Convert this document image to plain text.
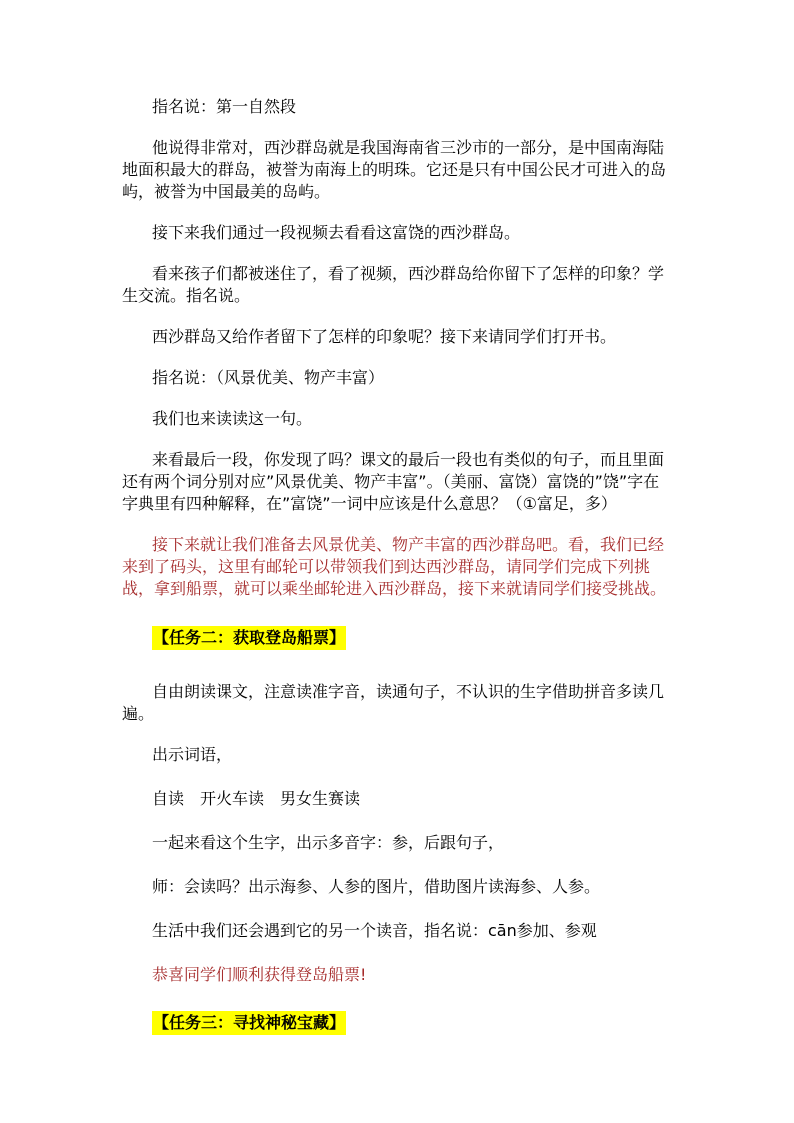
指名说：第一自然段

他说得非常对，西沙群岛就是我国海南省三沙市的一部分，是中国南海陆地面积最大的群岛，被誉为南海上的明珠。它还是只有中国公民才可进入的岛屿，被誉为中国最美的岛屿。

接下来我们通过一段视频去看看这富饶的西沙群岛。

看来孩子们都被迷住了，看了视频，西沙群岛给你留下了怎样的印象？学生交流。指名说。

西沙群岛又给作者留下了怎样的印象呢？接下来请同学们打开书。

指名说：（风景优美、物产丰富）

我们也来读读这一句。

来看最后一段，你发现了吗？课文的最后一段也有类似的句子，而且里面还有两个词分别对应”风景优美、物产丰富”。（美丽、富饶）富饶的”饶”字在字典里有四种解释，在”富饶”一词中应该是什么意思？（①富足，多）

接下来就让我们准备去风景优美、物产丰富的西沙群岛吧。看，我们已经来到了码头，这里有邮轮可以带领我们到达西沙群岛，请同学们完成下列挑战，拿到船票，就可以乘坐邮轮进入西沙群岛，接下来就请同学们接受挑战。

【任务二：获取登岛船票】

自由朗读课文，注意读准字音，读通句子，不认识的生字借助拼音多读几遍。

出示词语，

自读　开火车读　男女生赛读

一起来看这个生字，出示多音字：参，后跟句子，

师：会读吗？出示海参、人参的图片，借助图片读海参、人参。

生活中我们还会遇到它的另一个读音，指名说：cān参加、参观

恭喜同学们顺利获得登岛船票!

【任务三：寻找神秘宝藏】
